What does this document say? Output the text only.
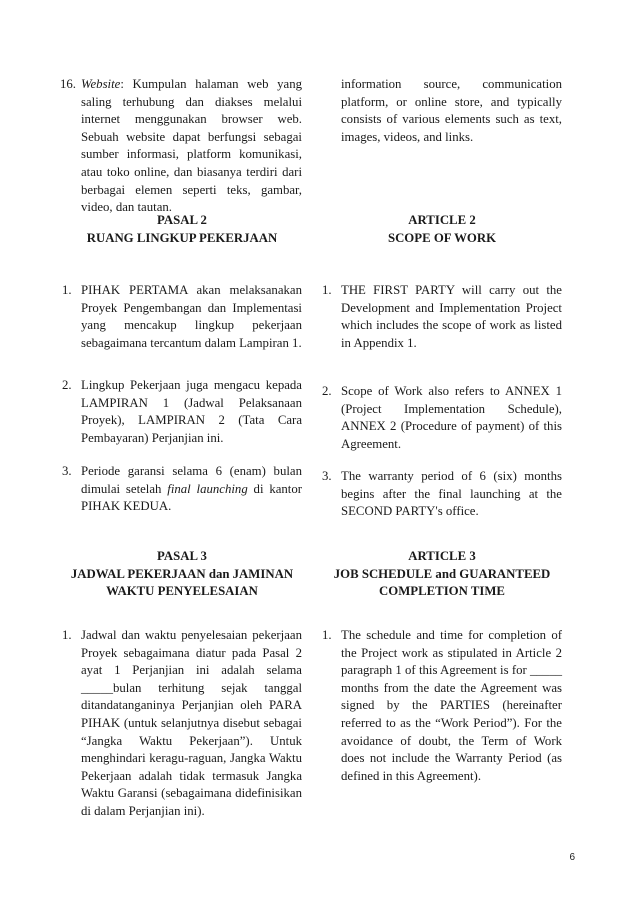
16. Website: Kumpulan halaman web yang saling terhubung dan diakses melalui internet menggunakan browser web. Sebuah website dapat berfungsi sebagai sumber informasi, platform komunikasi, atau toko online, dan biasanya terdiri dari berbagai elemen seperti teks, gambar, video, dan tautan.
PASAL 2
RUANG LINGKUP PEKERJAAN
1. PIHAK PERTAMA akan melaksanakan Proyek Pengembangan dan Implementasi yang mencakup lingkup pekerjaan sebagaimana tercantum dalam Lampiran 1.
2. Lingkup Pekerjaan juga mengacu kepada LAMPIRAN 1 (Jadwal Pelaksanaan Proyek), LAMPIRAN 2 (Tata Cara Pembayaran) Perjanjian ini.
3. Periode garansi selama 6 (enam) bulan dimulai setelah final launching di kantor PIHAK KEDUA.
PASAL 3
JADWAL PEKERJAAN dan JAMINAN
WAKTU PENYELESAIAN
1. Jadwal dan waktu penyelesaian pekerjaan Proyek sebagaimana diatur pada Pasal 2 ayat 1 Perjanjian ini adalah selama _____bulan terhitung sejak tanggal ditandatanganinya Perjanjian oleh PARA PIHAK (untuk selanjutnya disebut sebagai “Jangka Waktu Pekerjaan”). Untuk menghindari keragu-raguan, Jangka Waktu Pekerjaan adalah tidak termasuk Jangka Waktu Garansi (sebagaimana didefinisikan di dalam Perjanjian ini).
information source, communication platform, or online store, and typically consists of various elements such as text, images, videos, and links.
ARTICLE 2
SCOPE OF WORK
1. THE FIRST PARTY will carry out the Development and Implementation Project which includes the scope of work as listed in Appendix 1.
2. Scope of Work also refers to ANNEX 1 (Project Implementation Schedule), ANNEX 2 (Procedure of payment) of this Agreement.
3. The warranty period of 6 (six) months begins after the final launching at the SECOND PARTY's office.
ARTICLE 3
JOB SCHEDULE and GUARANTEED
COMPLETION TIME
1. The schedule and time for completion of the Project work as stipulated in Article 2 paragraph 1 of this Agreement is for _____ months from the date the Agreement was signed by the PARTIES (hereinafter referred to as the “Work Period”). For the avoidance of doubt, the Term of Work does not include the Warranty Period (as defined in this Agreement).
6
